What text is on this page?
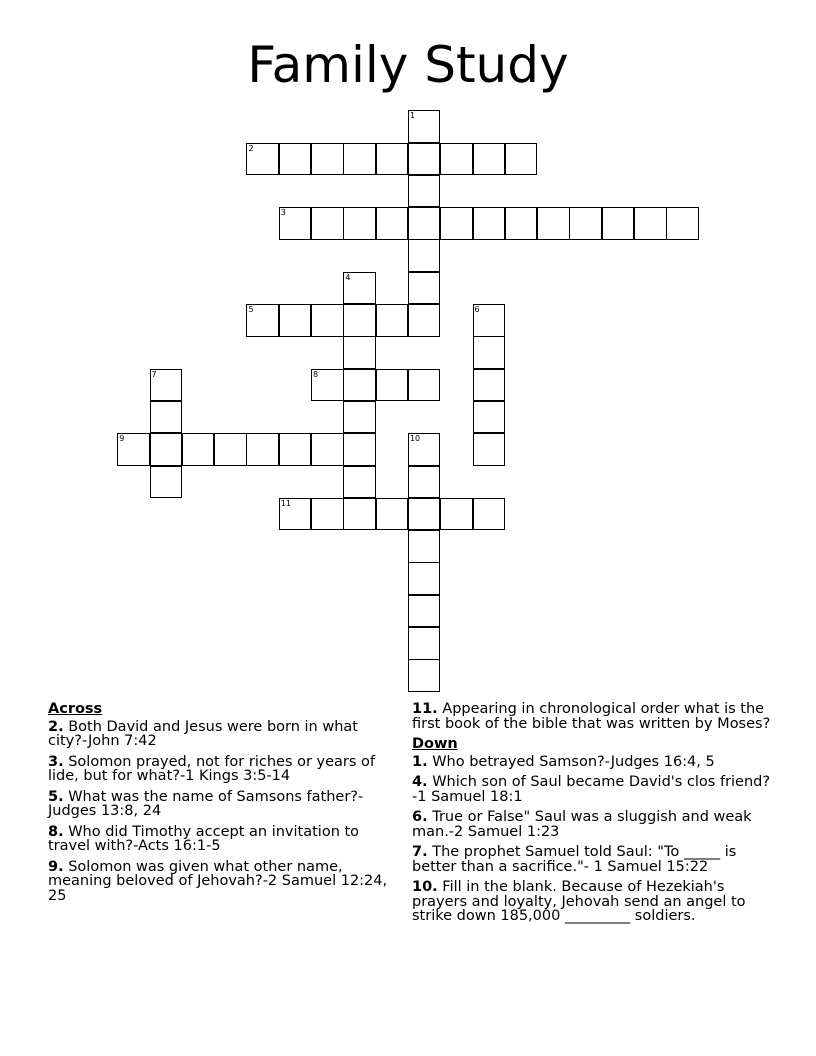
Family Study
2
3
5
8
9
11
1
4
6
7
10
Across
2. Both David and Jesus were born in what city?-John 7:42
3. Solomon prayed, not for riches or years of lide, but for what?-1 Kings 3:5-14
5. What was the name of Samsons father?-Judges 13:8, 24
8. Who did Timothy accept an invitation to travel with?-Acts 16:1-5
9. Solomon was given what other name, meaning beloved of Jehovah?-2 Samuel 12:24, 25
11. Appearing in chronological order what is the first book of the bible that was written by Moses?
Down
1. Who betrayed Samson?-Judges 16:4, 5
4. Which son of Saul became David's clos friend?-1 Samuel 18:1
6. True or False" Saul was a sluggish and weak man.-2 Samuel 1:23
7. The prophet Samuel told Saul: "To _____ is better than a sacrifice."- 1 Samuel 15:22
10. Fill in the blank. Because of Hezekiah's prayers and loyalty, Jehovah send an angel to strike down 185,000 _________ soldiers.
